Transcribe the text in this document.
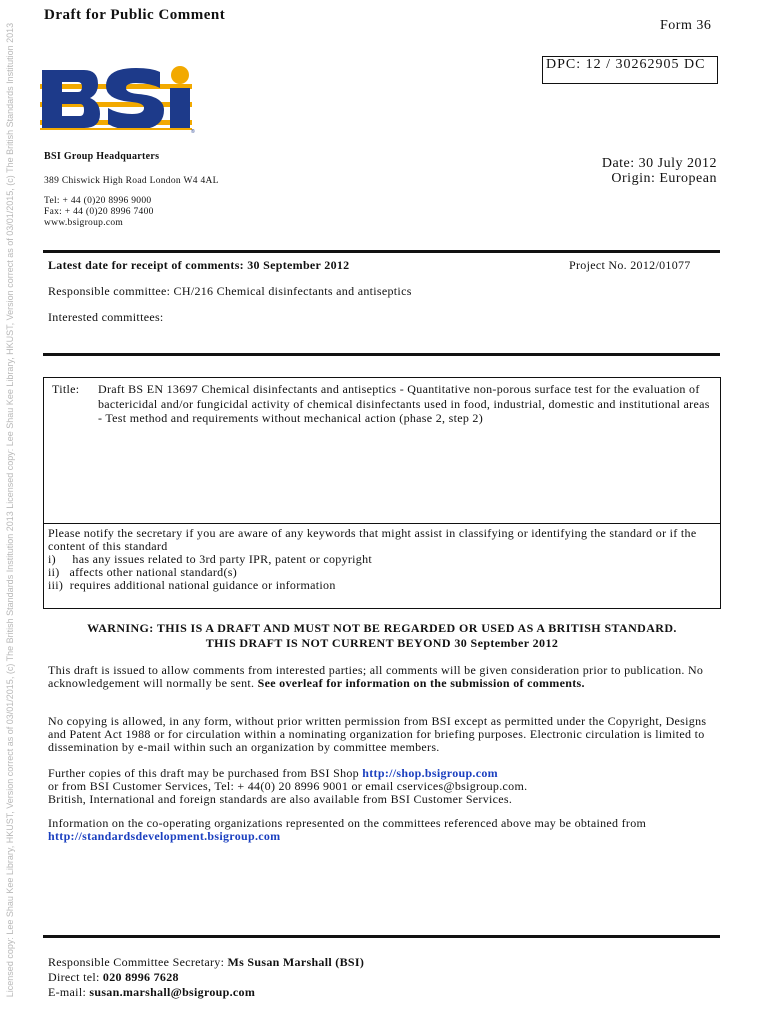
Licensed copy: Lee Shau Kee Library, HKUST, Version correct as of 03/01/2015, (c) The British Standards Institution 2013 Licensed copy: Lee Shau Kee Library, HKUST, Version correct as of 03/01/2015, (c) The British Standards Institution 2013
Draft for Public Comment
Form 36
DPC: 12 / 30262905 DC
®
BSI Group Headquarters
389 Chiswick High Road London W4 4AL
Tel: + 44 (0)20 8996 9000
Fax: + 44 (0)20 8996 7400
www.bsigroup.com
Date: 30 July 2012
Origin: European
Latest date for receipt of comments: 30 September 2012	Project No. 2012/01077
Responsible committee: CH/216 Chemical disinfectants and antiseptics
Interested committees:
Title: Draft BS EN 13697 Chemical disinfectants and antiseptics - Quantitative non-porous surface test for the evaluation of bactericidal and/or fungicidal activity of chemical disinfectants used in food, industrial, domestic and institutional areas - Test method and requirements without mechanical action (phase 2, step 2)
Please notify the secretary if you are aware of any keywords that might assist in classifying or identifying the standard or if the content of this standard
i)     has any issues related to 3rd party IPR, patent or copyright
ii)   affects other national standard(s)
iii)  requires additional national guidance or information
WARNING: THIS IS A DRAFT AND MUST NOT BE REGARDED OR USED AS A BRITISH STANDARD.
THIS DRAFT IS NOT CURRENT BEYOND 30 September 2012
This draft is issued to allow comments from interested parties; all comments will be given consideration prior to publication. No acknowledgement will normally be sent. See overleaf for information on the submission of comments.
No copying is allowed, in any form, without prior written permission from BSI except as permitted under the Copyright, Designs and Patent Act 1988 or for circulation within a nominating organization for briefing purposes. Electronic circulation is limited to dissemination by e-mail within such an organization by committee members.
Further copies of this draft may be purchased from BSI Shop http://shop.bsigroup.com
or from BSI Customer Services, Tel: + 44(0) 20 8996 9001 or email cservices@bsigroup.com.
British, International and foreign standards are also available from BSI Customer Services.
Information on the co-operating organizations represented on the committees referenced above may be obtained from http://standardsdevelopment.bsigroup.com
Responsible Committee Secretary: Ms Susan Marshall (BSI)
Direct tel: 020 8996 7628
E-mail: susan.marshall@bsigroup.com
